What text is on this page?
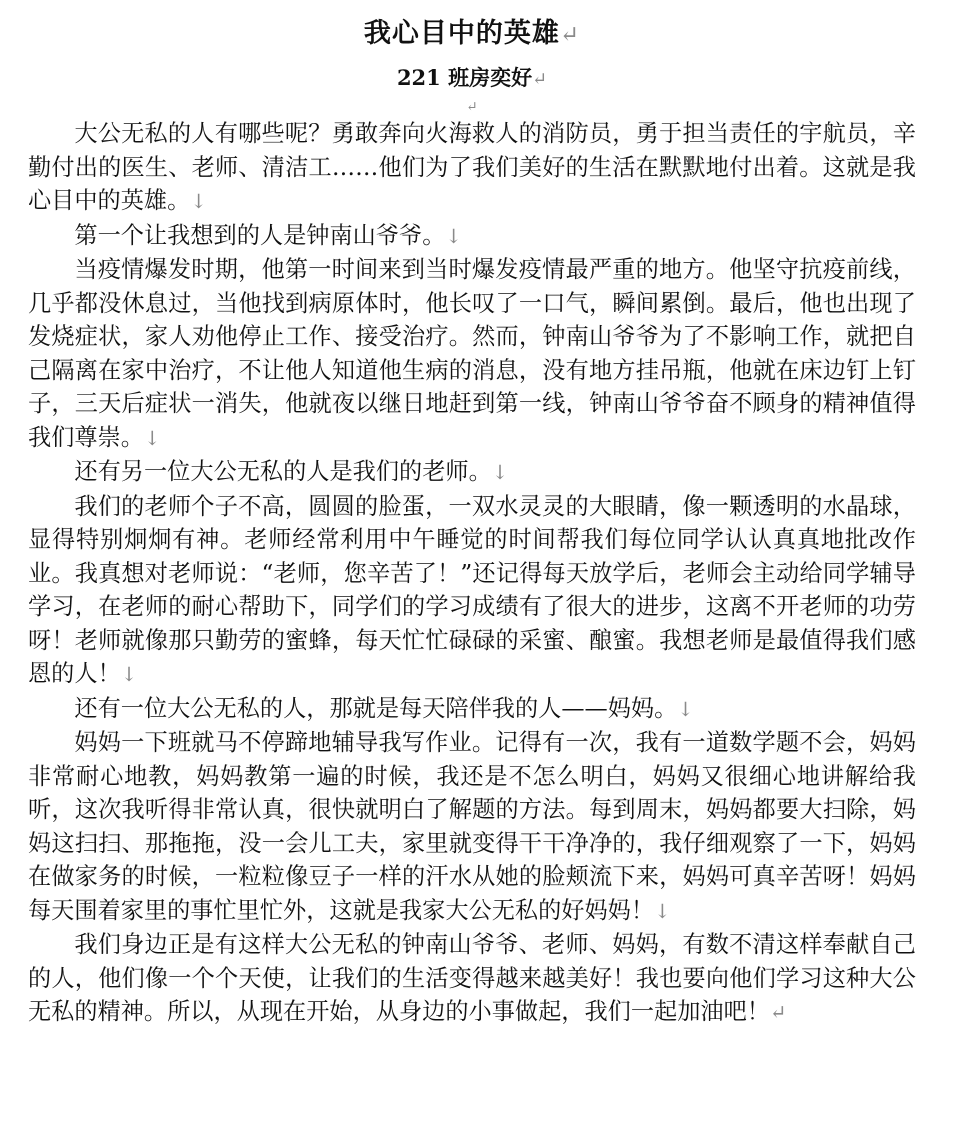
我心目中的英雄↵
221 班房奕好↵
↵

大公无私的人有哪些呢？勇敢奔向火海救人的消防员，勇于担当责任的宇航员，辛勤付出的医生、老师、清洁工……他们为了我们美好的生活在默默地付出着。这就是我心目中的英雄。↓

第一个让我想到的人是钟南山爷爷。↓

当疫情爆发时期，他第一时间来到当时爆发疫情最严重的地方。他坚守抗疫前线，几乎都没休息过，当他找到病原体时，他长叹了一口气，瞬间累倒。最后，他也出现了发烧症状，家人劝他停止工作、接受治疗。然而，钟南山爷爷为了不影响工作，就把自己隔离在家中治疗，不让他人知道他生病的消息，没有地方挂吊瓶，他就在床边钉上钉子，三天后症状一消失，他就夜以继日地赶到第一线，钟南山爷爷奋不顾身的精神值得我们尊崇。↓

还有另一位大公无私的人是我们的老师。↓

我们的老师个子不高，圆圆的脸蛋，一双水灵灵的大眼睛，像一颗透明的水晶球，显得特别炯炯有神。老师经常利用中午睡觉的时间帮我们每位同学认认真真地批改作业。我真想对老师说：“老师，您辛苦了！”还记得每天放学后，老师会主动给同学辅导学习，在老师的耐心帮助下，同学们的学习成绩有了很大的进步，这离不开老师的功劳呀！老师就像那只勤劳的蜜蜂，每天忙忙碌碌的采蜜、酿蜜。我想老师是最值得我们感恩的人！↓

还有一位大公无私的人，那就是每天陪伴我的人——妈妈。↓

妈妈一下班就马不停蹄地辅导我写作业。记得有一次，我有一道数学题不会，妈妈非常耐心地教，妈妈教第一遍的时候，我还是不怎么明白，妈妈又很细心地讲解给我听，这次我听得非常认真，很快就明白了解题的方法。每到周末，妈妈都要大扫除，妈妈这扫扫、那拖拖，没一会儿工夫，家里就变得干干净净的，我仔细观察了一下，妈妈在做家务的时候，一粒粒像豆子一样的汗水从她的脸颊流下来，妈妈可真辛苦呀！妈妈每天围着家里的事忙里忙外，这就是我家大公无私的好妈妈！↓

我们身边正是有这样大公无私的钟南山爷爷、老师、妈妈，有数不清这样奉献自己的人，他们像一个个天使，让我们的生活变得越来越美好！我也要向他们学习这种大公无私的精神。所以，从现在开始，从身边的小事做起，我们一起加油吧！↵
